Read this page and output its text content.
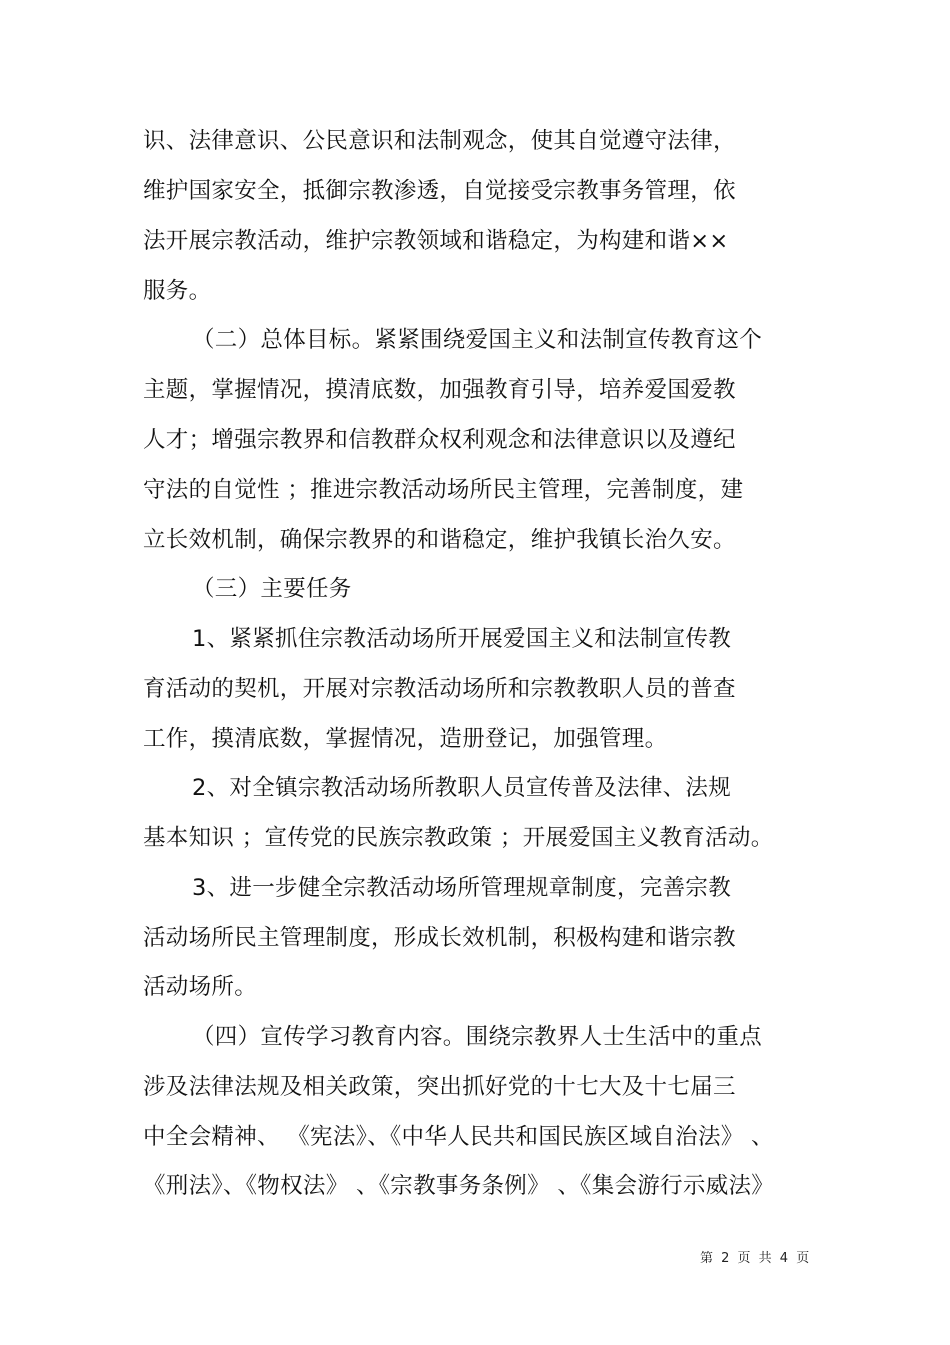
识、法律意识、公民意识和法制观念，使其自觉遵守法律，
维护国家安全，抵御宗教渗透，自觉接受宗教事务管理，依
法开展宗教活动，维护宗教领域和谐稳定，为构建和谐××
服务。
（二）总体目标。紧紧围绕爱国主义和法制宣传教育这个
主题，掌握情况，摸清底数，加强教育引导，培养爱国爱教
人才；增强宗教界和信教群众权利观念和法律意识以及遵纪
守法的自觉性 ；推进宗教活动场所民主管理，完善制度，建
立长效机制，确保宗教界的和谐稳定，维护我镇长治久安。
（三）主要任务
1、紧紧抓住宗教活动场所开展爱国主义和法制宣传教
育活动的契机，开展对宗教活动场所和宗教教职人员的普查
工作，摸清底数，掌握情况，造册登记，加强管理。
2、对全镇宗教活动场所教职人员宣传普及法律、法规
基本知识 ；宣传党的民族宗教政策 ；开展爱国主义教育活动。
3、进一步健全宗教活动场所管理规章制度，完善宗教
活动场所民主管理制度，形成长效机制，积极构建和谐宗教
活动场所。
（四）宣传学习教育内容。围绕宗教界人士生活中的重点
涉及法律法规及相关政策，突出抓好党的十七大及十七届三
中全会精神、 《宪法》、《中华人民共和国民族区域自治法》 、
《刑法》、《物权法》 、《宗教事务条例》 、《集会游行示威法》
第 2 页 共 4 页
